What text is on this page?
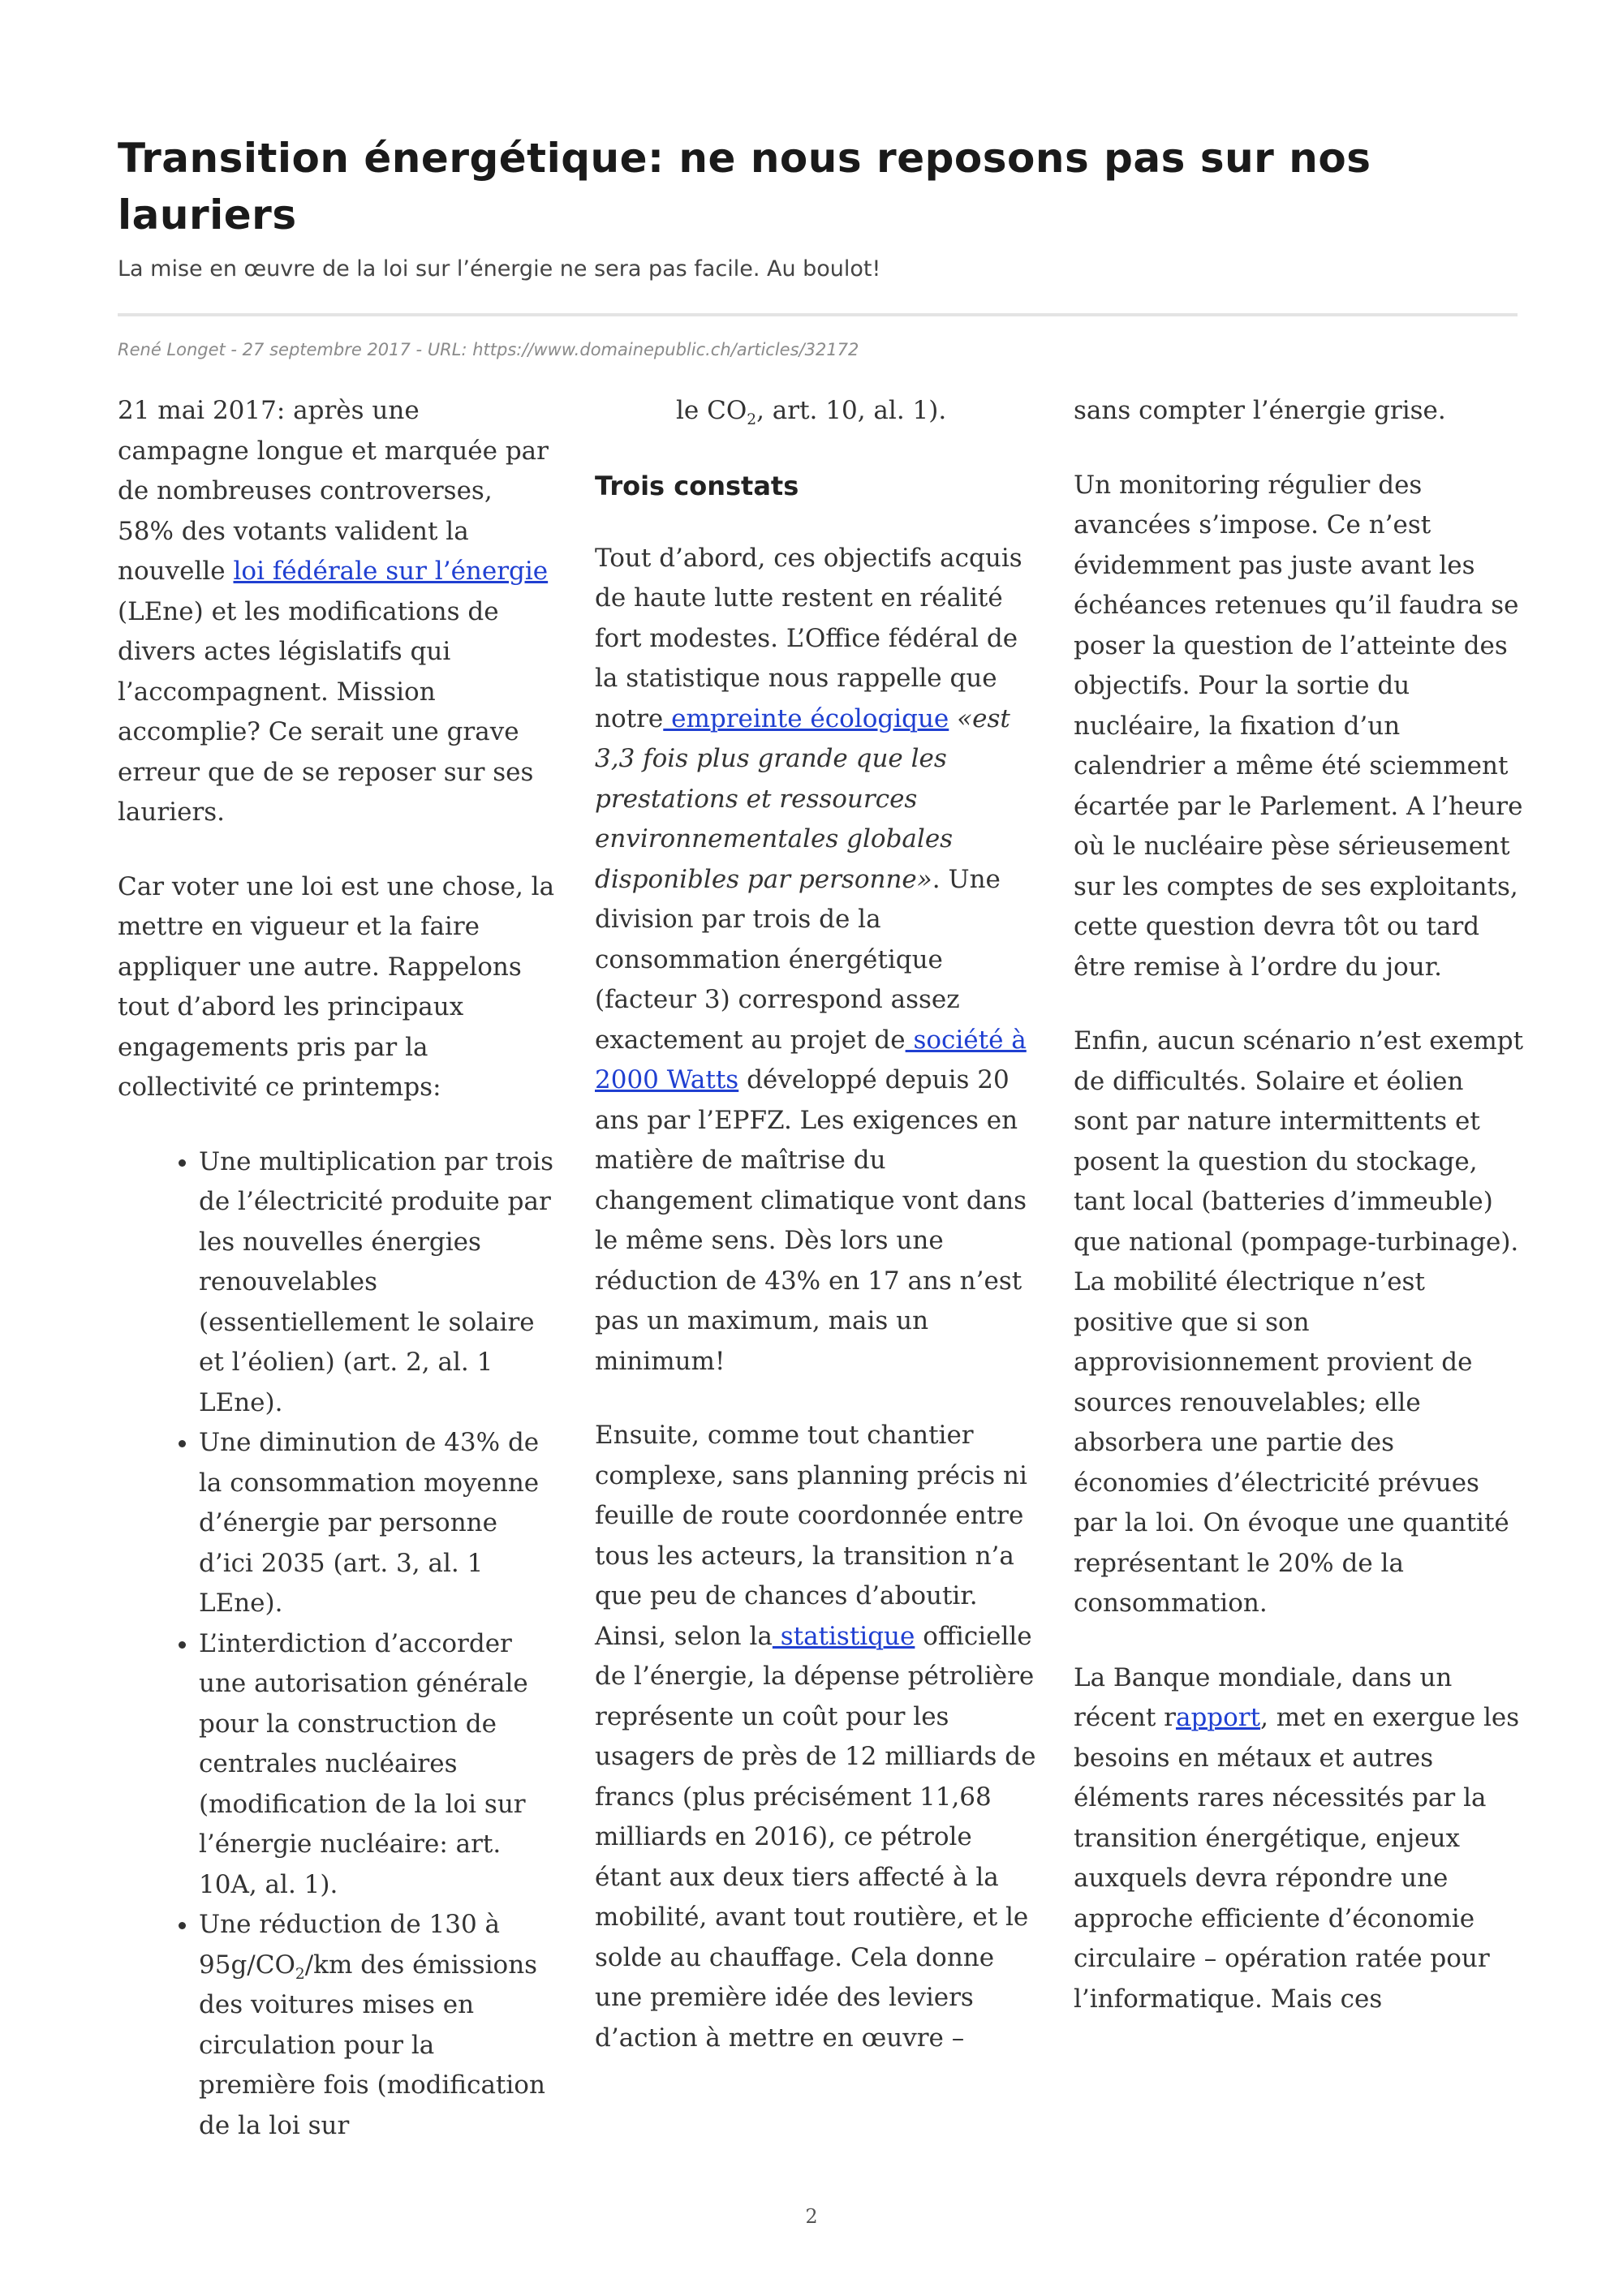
Transition énergétique: ne nous reposons pas sur nos lauriers

La mise en œuvre de la loi sur l’énergie ne sera pas facile. Au boulot!

René Longet - 27 septembre 2017 - URL: https://www.domainepublic.ch/articles/32172

21 mai 2017: après une campagne longue et marquée par de nombreuses controverses, 58% des votants valident la nouvelle loi fédérale sur l’énergie (LEne) et les modifications de divers actes législatifs qui l’accompagnent. Mission accomplie? Ce serait une grave erreur que de se reposer sur ses lauriers.

Car voter une loi est une chose, la mettre en vigueur et la faire appliquer une autre. Rappelons tout d’abord les principaux engagements pris par la collectivité ce printemps:

• Une multiplication par trois de l’électricité produite par les nouvelles énergies renouvelables (essentiellement le solaire et l’éolien) (art. 2, al. 1 LEne).
• Une diminution de 43% de la consommation moyenne d’énergie par personne d’ici 2035 (art. 3, al. 1 LEne).
• L’interdiction d’accorder une autorisation générale pour la construction de centrales nucléaires (modification de la loi sur l’énergie nucléaire: art. 10A, al. 1).
• Une réduction de 130 à $95g/CO_2/km$ des émissions des voitures mises en circulation pour la première fois (modification de la loi sur

le $CO_2$, art. 10, al. 1).

Trois constats

Tout d’abord, ces objectifs acquis de haute lutte restent en réalité fort modestes. L’Office fédéral de la statistique nous rappelle que notre empreinte écologique «est 3,3 fois plus grande que les prestations et ressources environnementales globales disponibles par personne». Une division par trois de la consommation énergétique (facteur 3) correspond assez exactement au projet de société à 2000 Watts développé depuis 20 ans par l’EPFZ. Les exigences en matière de maîtrise du changement climatique vont dans le même sens. Dès lors une réduction de 43% en 17 ans n’est pas un maximum, mais un minimum!

Ensuite, comme tout chantier complexe, sans planning précis ni feuille de route coordonnée entre tous les acteurs, la transition n’a que peu de chances d’aboutir. Ainsi, selon la statistique officielle de l’énergie, la dépense pétrolière représente un coût pour les usagers de près de 12 milliards de francs (plus précisément 11,68 milliards en 2016), ce pétrole étant aux deux tiers affecté à la mobilité, avant tout routière, et le solde au chauffage. Cela donne une première idée des leviers d’action à mettre en œuvre –

sans compter l’énergie grise.

Un monitoring régulier des avancées s’impose. Ce n’est évidemment pas juste avant les échéances retenues qu’il faudra se poser la question de l’atteinte des objectifs. Pour la sortie du nucléaire, la fixation d’un calendrier a même été sciemment écartée par le Parlement. A l’heure où le nucléaire pèse sérieusement sur les comptes de ses exploitants, cette question devra tôt ou tard être remise à l’ordre du jour.

Enfin, aucun scénario n’est exempt de difficultés. Solaire et éolien sont par nature intermittents et posent la question du stockage, tant local (batteries d’immeuble) que national (pompage-turbinage). La mobilité électrique n’est positive que si son approvisionnement provient de sources renouvelables; elle absorbera une partie des économies d’électricité prévues par la loi. On évoque une quantité représentant le 20% de la consommation.

La Banque mondiale, dans un récent rapport, met en exergue les besoins en métaux et autres éléments rares nécessités par la transition énergétique, enjeux auxquels devra répondre une approche efficiente d’économie circulaire – opération ratée pour l’informatique. Mais ces

2
